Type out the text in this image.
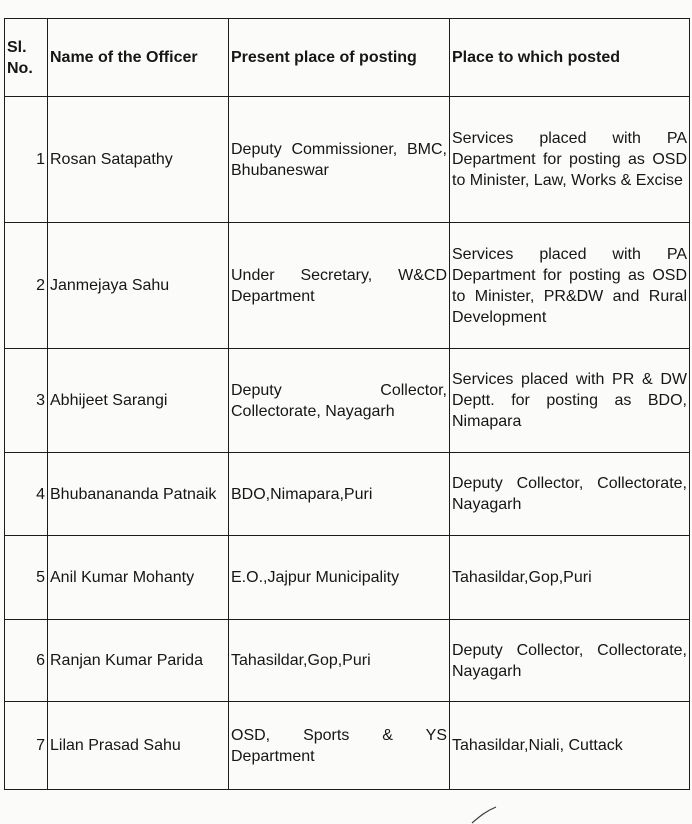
Sl. No.	Name of the Officer	Present place of posting	Place to which posted
1	Rosan Satapathy	Deputy Commissioner, BMC, Bhubaneswar	Services placed with PA Department for posting as OSD to Minister, Law, Works & Excise
2	Janmejaya Sahu	Under Secretary, W&CD Department	Services placed with PA Department for posting as OSD to Minister, PR&DW and Rural Development
3	Abhijeet Sarangi	Deputy Collector, Collectorate, Nayagarh	Services placed with PR & DW Deptt. for posting as BDO, Nimapara
4	Bhubanananda Patnaik	BDO,Nimapara,Puri	Deputy Collector, Collectorate, Nayagarh
5	Anil Kumar Mohanty	E.O.,Jajpur Municipality	Tahasildar,Gop,Puri
6	Ranjan Kumar Parida	Tahasildar,Gop,Puri	Deputy Collector, Collectorate, Nayagarh
7	Lilan Prasad Sahu	OSD, Sports & YS Department	Tahasildar,Niali, Cuttack
